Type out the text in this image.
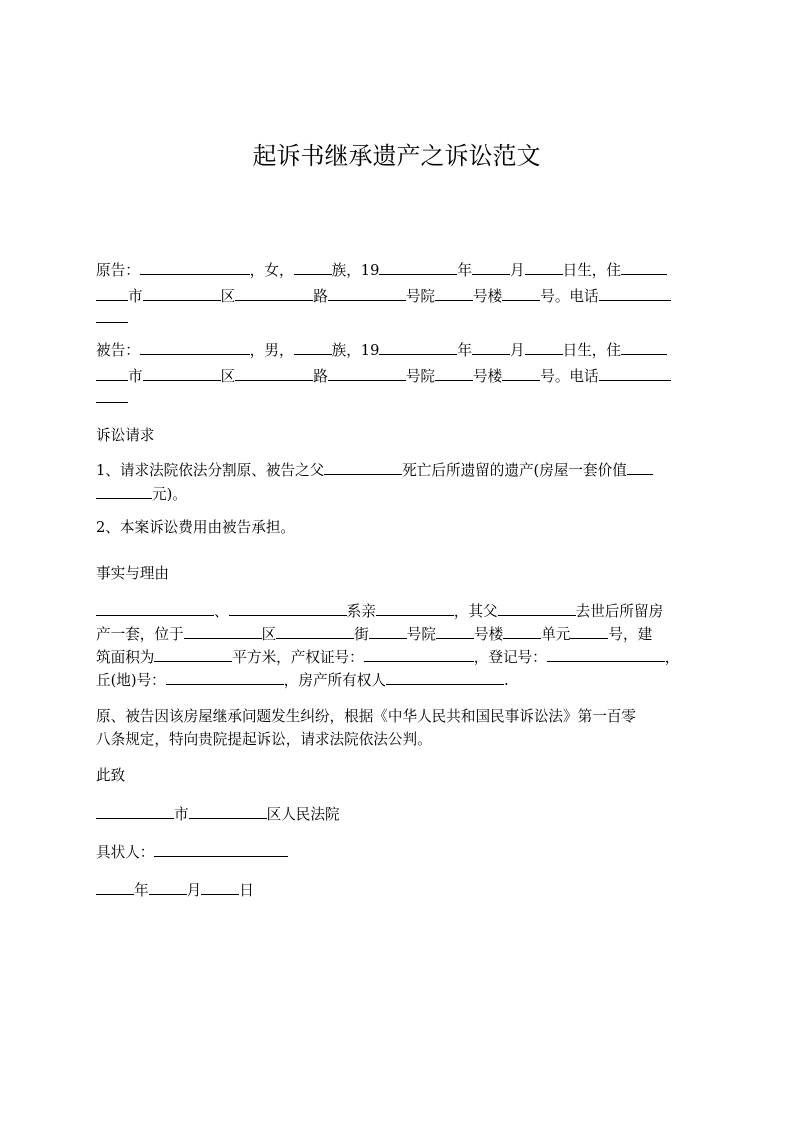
起诉书继承遗产之诉讼范文
原告：	，女，	族，19	年	月	日生，住
市	区	路	号院	号楼	号。电话
被告：	，男，	族，19	年	月	日生，住
市	区	路	号院	号楼	号。电话
诉讼请求
1、请求法院依法分割原、被告之父	死亡后所遗留的遗产(房屋一套价值
元)。
2、本案诉讼费用由被告承担。
事实与理由
、	系亲	，其父	去世后所留房
产一套，位于	区	街	号院	号楼	单元	号，建
筑面积为	平方米，产权证号：	，登记号：	，
丘(地)号：	，房产所有权人	.
原、被告因该房屋继承问题发生纠纷，根据《中华人民共和国民事诉讼法》第一百零
八条规定，特向贵院提起诉讼，请求法院依法公判。
此致
市	区人民法院
具状人：
年	月	日
